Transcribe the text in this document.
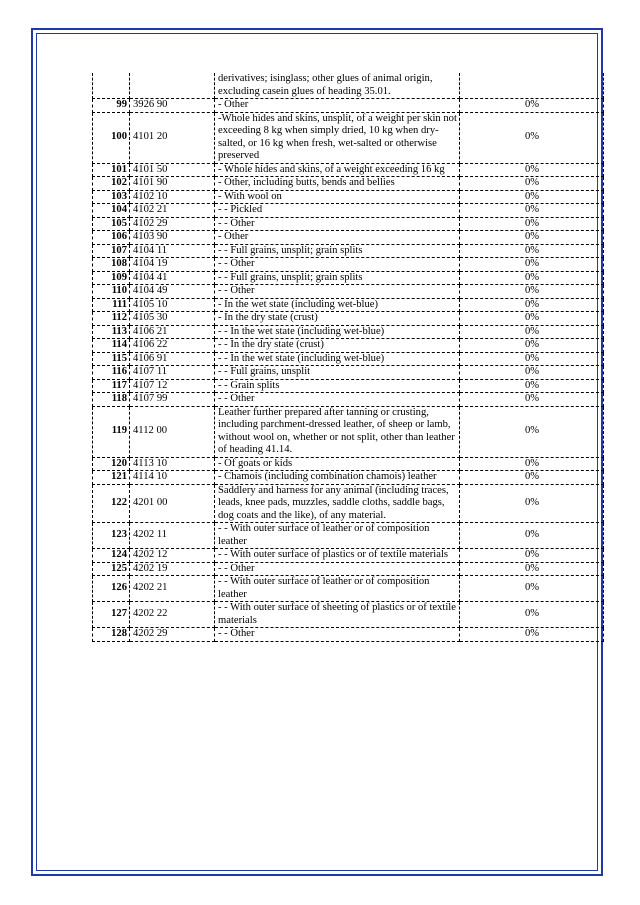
		derivatives; isinglass; other glues of animal origin, excluding casein glues of heading 35.01.	
99	3926 90	- Other	0%
100	4101 20	-Whole hides and skins, unsplit, of a weight per skin not exceeding 8 kg when simply dried, 10 kg when dry-salted, or 16 kg when fresh, wet-salted or otherwise preserved	0%
101	4101 50	- Whole hides and skins, of a weight exceeding 16 kg	0%
102	4101 90	- Other, including butts, bends and bellies	0%
103	4102 10	- With wool on	0%
104	4102 21	- - Pickled	0%
105	4102 29	- - Other	0%
106	4103 90	- Other	0%
107	4104 11	- - Full grains, unsplit; grain splits	0%
108	4104 19	- - Other	0%
109	4104 41	- - Full grains, unsplit; grain splits	0%
110	4104 49	- - Other	0%
111	4105 10	- In the wet state (including wet-blue)	0%
112	4105 30	- In the dry state (crust)	0%
113	4106 21	- - In the wet state (including wet-blue)	0%
114	4106 22	- - In the dry state (crust)	0%
115	4106 91	- - In the wet state (including wet-blue)	0%
116	4107 11	- - Full grains, unsplit	0%
117	4107 12	- - Grain splits	0%
118	4107 99	- - Other	0%
119	4112 00	Leather further prepared after tanning or crusting, including parchment-dressed leather, of sheep or lamb, without wool on, whether or not split, other than leather of heading 41.14.	0%
120	4113 10	- Of goats or kids	0%
121	4114 10	- Chamois (including combination chamois) leather	0%
122	4201 00	Saddlery and harness for any animal (including traces, leads, knee pads, muzzles, saddle cloths, saddle bags, dog coats and the like), of any material.	0%
123	4202 11	- - With outer surface of leather or of composition leather	0%
124	4202 12	- - With outer surface of plastics or of textile materials	0%
125	4202 19	- - Other	0%
126	4202 21	- - With outer surface of leather or of composition leather	0%
127	4202 22	- - With outer surface of sheeting of plastics or of textile materials	0%
128	4202 29	- - Other	0%
